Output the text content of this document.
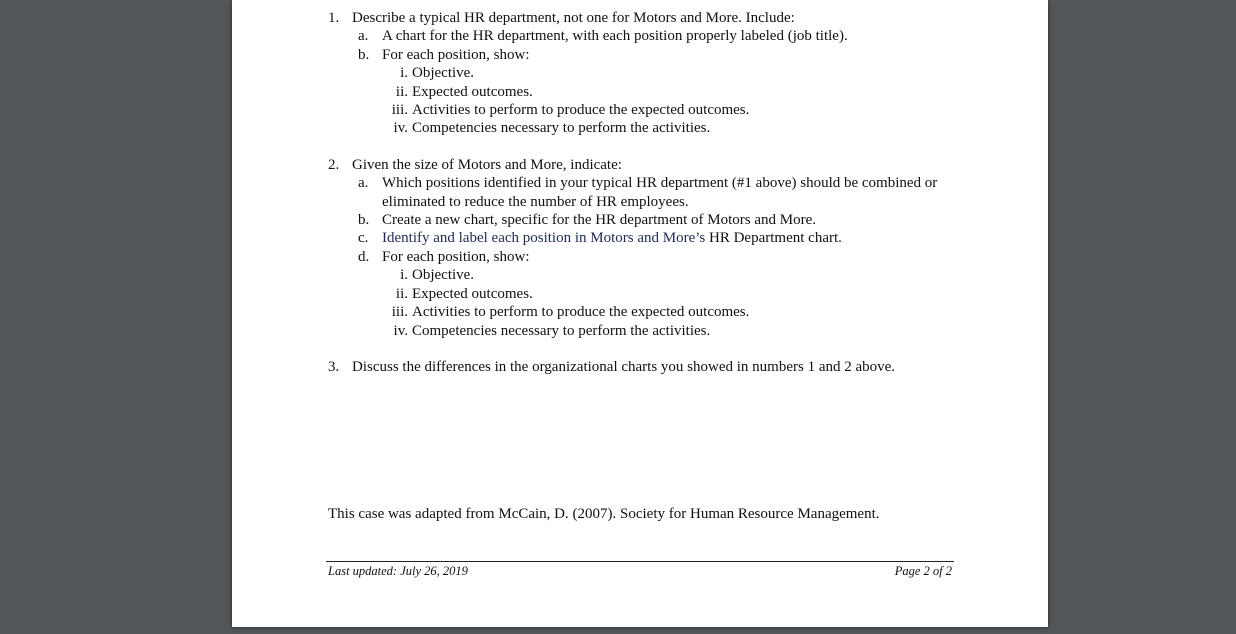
1. Describe a typical HR department, not one for Motors and More. Include:
a. A chart for the HR department, with each position properly labeled (job title).
b. For each position, show:
i. Objective.
ii. Expected outcomes.
iii. Activities to perform to produce the expected outcomes.
iv. Competencies necessary to perform the activities.
2. Given the size of Motors and More, indicate:
a. Which positions identified in your typical HR department (#1 above) should be combined or eliminated to reduce the number of HR employees.
b. Create a new chart, specific for the HR department of Motors and More.
c. Identify and label each position in Motors and More’s HR Department chart.
d. For each position, show:
i. Objective.
ii. Expected outcomes.
iii. Activities to perform to produce the expected outcomes.
iv. Competencies necessary to perform the activities.
3. Discuss the differences in the organizational charts you showed in numbers 1 and 2 above.
This case was adapted from McCain, D. (2007). Society for Human Resource Management.
Last updated: July 26, 2019	Page 2 of 2
